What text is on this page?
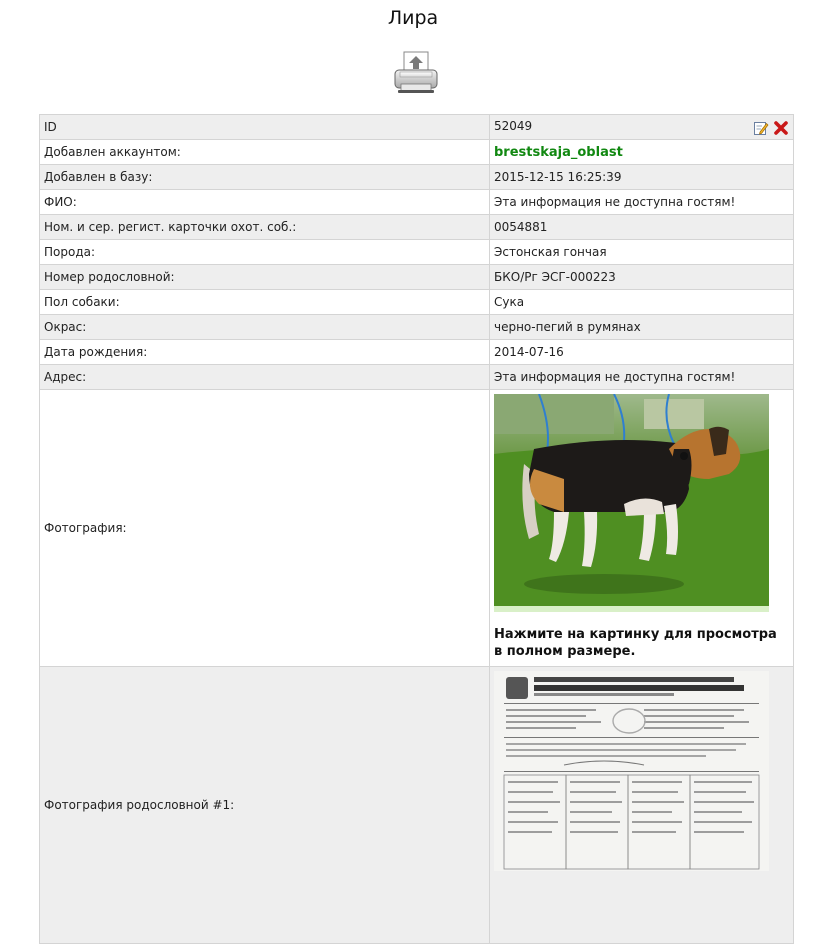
Лира
ID	52049

Добавлен аккаунтом:	brestskaja_oblast
Добавлен в базу:	2015-12-15 16:25:39
ФИО:	Эта информация не доступна гостям!
Ном. и сер. регист. карточки охот. соб.:	0054881
Порода:	Эстонская гончая
Номер родословной:	БКО/Рг ЭСГ-000223
Пол собаки:	Сука
Окрас:	черно-пегий в румянах
Дата рождения:	2014-07-16
Адрес:	Эта информация не доступна гостям!
Фотография:	Нажмите на картинку для просмотра в полном размере.

Фотография родословной #1:	
